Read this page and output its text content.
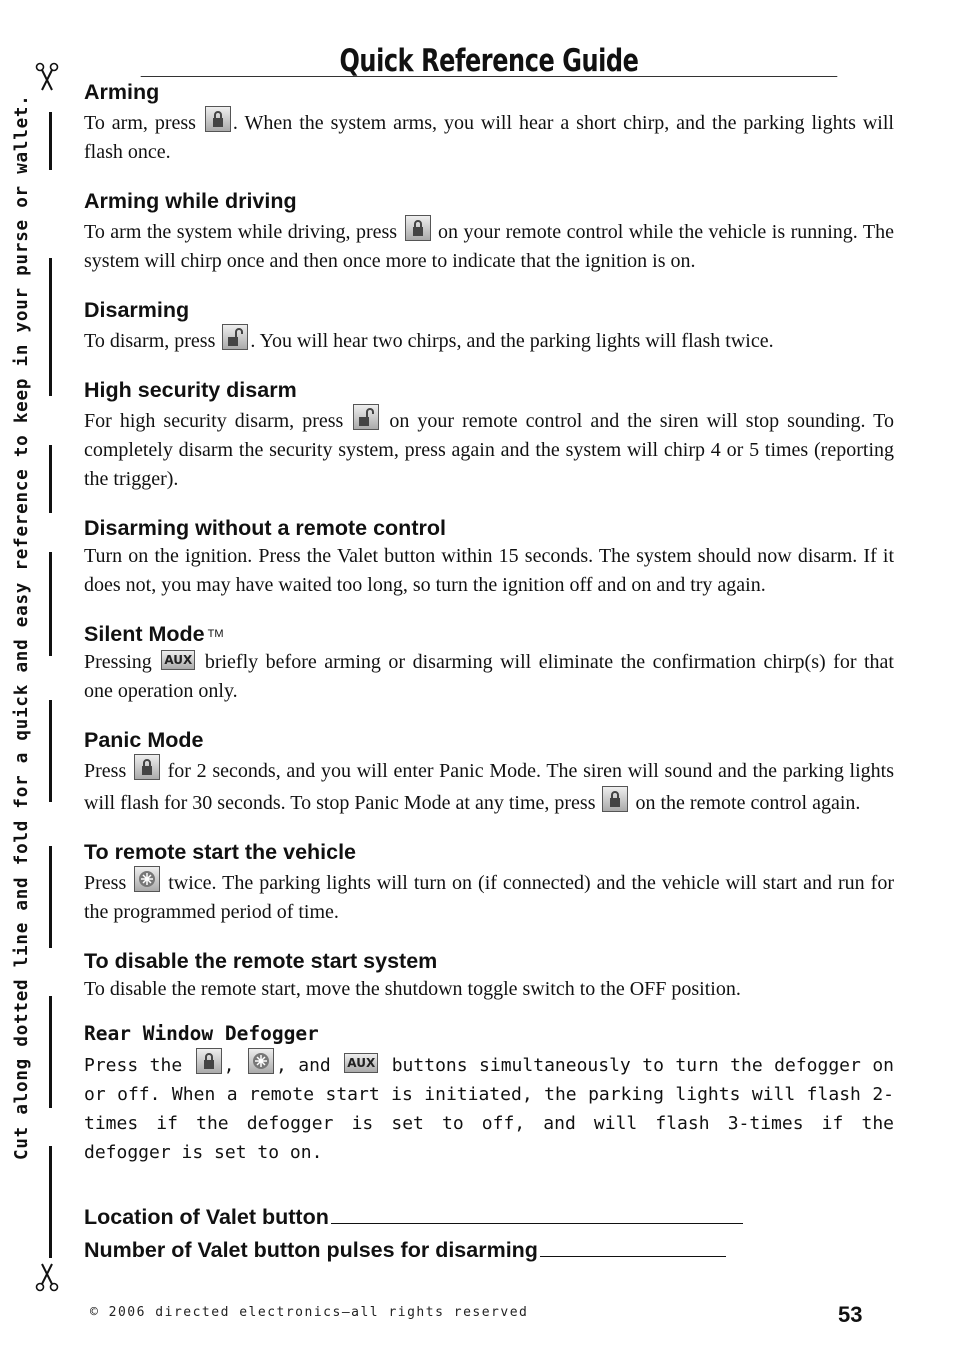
Quick Reference Guide
Arming

To arm, press
. When the system arms, you will hear a short chirp, and the parking lights will flash once.

Arming while driving

To arm the system while driving, press
on your remote control while the vehicle is running. The system will chirp once and then once more to indicate that the ignition is on.

Disarming

To disarm, press
. You will hear two chirps, and the parking lights will flash twice.

High security disarm

For high security disarm, press
on your remote control and the siren will stop sounding. To completely disarm the security system, press again and the system will chirp 4 or 5 times (reporting the trigger).

Disarming without a remote control

Turn on the ignition. Press the Valet button within 15 seconds. The system should now disarm. If it does not, you may have waited too long, so turn the ignition off and on and try again.

Silent Mode ™

Pressing AUX briefly before arming or disarming will eliminate the confirmation chirp(s) for that one operation only.

Panic Mode

Press
for 2 seconds, and you will enter Panic Mode. The siren will sound and the parking lights will flash for 30 seconds. To stop Panic Mode at any time, press
on the remote control again.

To remote start the vehicle

Press
twice. The parking lights will turn on (if connected) and the vehicle will start and run for the programmed period of time.

To disable the remote start system

To disable the remote start, move the shutdown toggle switch to the OFF position.

Rear Window Defogger

Press the
,
, and AUX buttons simultaneously to turn the defogger on or off. When a remote start is initiated, the parking lights will flash 2-times if the defogger is set to off, and will flash 3-times if the defogger is set to on.

Location of Valet button
Number of Valet button pulses for disarming
© 2006 directed electronics—all rights reserved	53
Cut along dotted line and fold for a quick and easy reference to keep in your purse or wallet.
